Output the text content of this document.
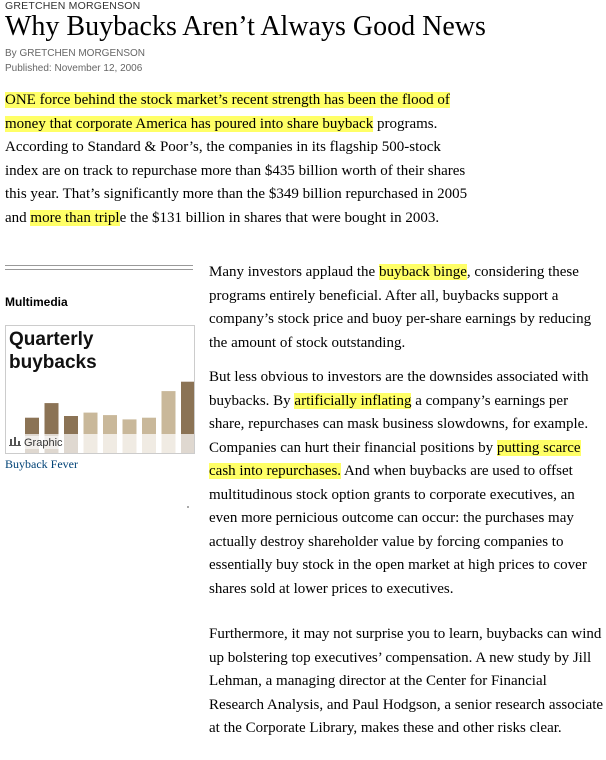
GRETCHEN MORGENSON
Why Buybacks Aren’t Always Good News
By GRETCHEN MORGENSON
Published: November 12, 2006

ONE force behind the stock market’s recent strength has been the flood of money that corporate America has poured into share buyback programs. According to Standard & Poor’s, the companies in its flagship 500-stock index are on track to repurchase more than $435 billion worth of their shares this year. That’s significantly more than the $349 billion repurchased in 2005 and more than triple the $131 billion in shares that were bought in 2003.

Multimedia
Quarterly buybacks
Graphic
Buyback Fever

Many investors applaud the buyback binge, considering these programs entirely beneficial. After all, buybacks support a company’s stock price and buoy per-share earnings by reducing the amount of stock outstanding.

But less obvious to investors are the downsides associated with buybacks. By artificially inflating a company’s earnings per share, repurchases can mask business slowdowns, for example. Companies can hurt their financial positions by putting scarce cash into repurchases. And when buybacks are used to offset multitudinous stock option grants to corporate executives, an even more pernicious outcome can occur: the purchases may actually destroy shareholder value by forcing companies to essentially buy stock in the open market at high prices to cover shares sold at lower prices to executives.

Furthermore, it may not surprise you to learn, buybacks can wind up bolstering top executives’ compensation. A new study by Jill Lehman, a managing director at the Center for Financial Research Analysis, and Paul Hodgson, a senior research associate at the Corporate Library, makes these and other risks clear.
